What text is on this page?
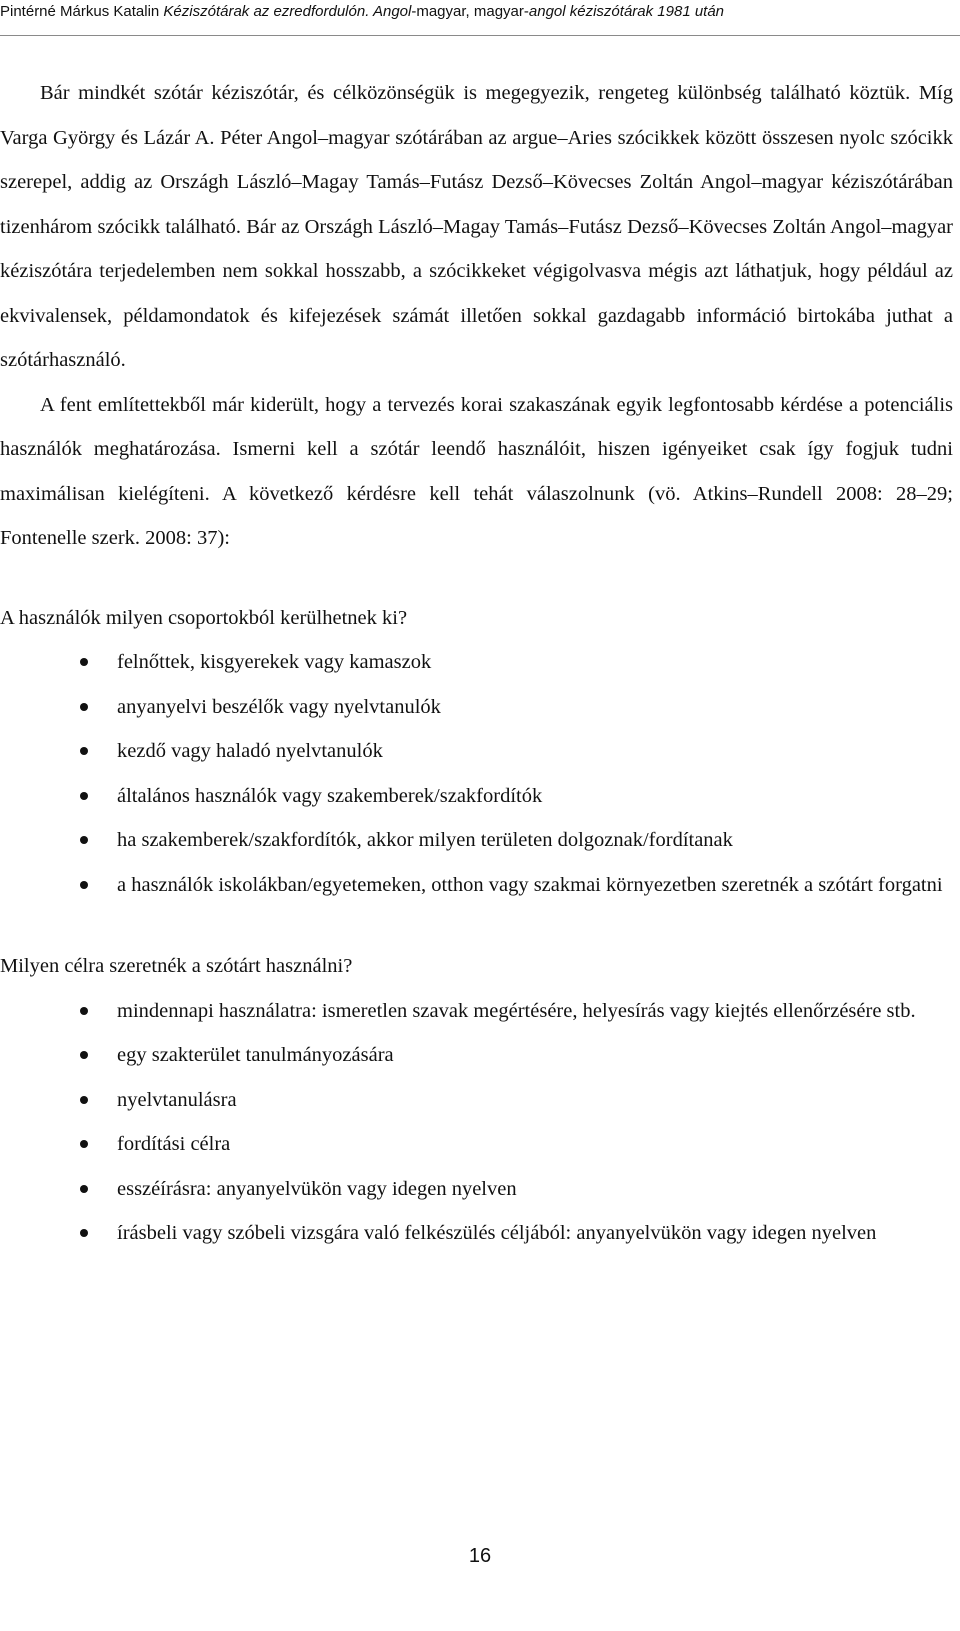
Pintérné Márkus Katalin Kéziszótárak az ezredfordulón. Angol-magyar, magyar-angol kéziszótárak 1981 után

Bár mindkét szótár kéziszótár, és célközönségük is megegyezik, rengeteg különbség található köztük. Míg Varga György és Lázár A. Péter Angol–magyar szótárában az argue–Aries szócikkek között összesen nyolc szócikk szerepel, addig az Országh László–Magay Tamás–Futász Dezső–Kövecses Zoltán Angol–magyar kéziszótárában tizenhárom szócikk található. Bár az Országh László–Magay Tamás–Futász Dezső–Kövecses Zoltán Angol–magyar kéziszótára terjedelemben nem sokkal hosszabb, a szócikkeket végigolvasva mégis azt láthatjuk, hogy például az ekvivalensek, példamondatok és kifejezések számát illetően sokkal gazdagabb információ birtokába juthat a szótárhasználó.

A fent említettekből már kiderült, hogy a tervezés korai szakaszának egyik legfontosabb kérdése a potenciális használók meghatározása. Ismerni kell a szótár leendő használóit, hiszen igényeiket csak így fogjuk tudni maximálisan kielégíteni. A következő kérdésre kell tehát válaszolnunk (vö. Atkins–Rundell 2008: 28–29; Fontenelle szerk. 2008: 37):

A használók milyen csoportokból kerülhetnek ki?

felnőttek, kisgyerekek vagy kamaszok
anyanyelvi beszélők vagy nyelvtanulók
kezdő vagy haladó nyelvtanulók
általános használók vagy szakemberek/szakfordítók
ha szakemberek/szakfordítók, akkor milyen területen dolgoznak/fordítanak
a használók iskolákban/egyetemeken, otthon vagy szakmai környezetben szeretnék a szótárt forgatni

Milyen célra szeretnék a szótárt használni?

mindennapi használatra: ismeretlen szavak megértésére, helyesírás vagy kiejtés ellenőrzésére stb.
egy szakterület tanulmányozására
nyelvtanulásra
fordítási célra
esszéírásra: anyanyelvükön vagy idegen nyelven
írásbeli vagy szóbeli vizsgára való felkészülés céljából: anyanyelvükön vagy idegen nyelven
16
